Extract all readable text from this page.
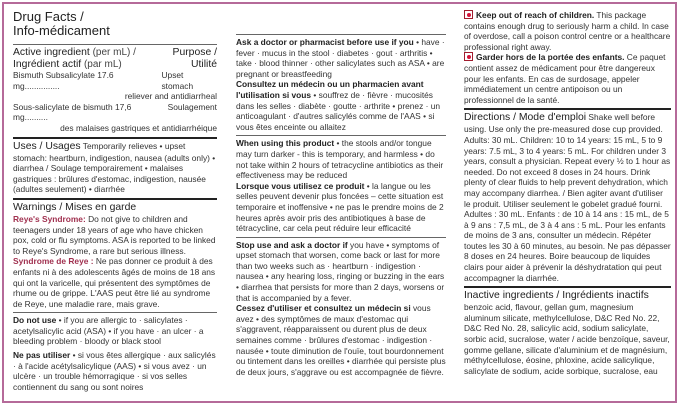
Drug Facts /
Info-médicament
Active ingredient (per mL) /	Purpose /
Ingrédient actif (par mL)	Utilité
Bismuth Subsalicylate 17.6 mg...............
Upset stomach
reliever and antidiarrheal
Sous-salicylate de bismuth 17,6 mg..........
Soulagement
des malaises gastriques et antidiarrhéique

Uses / Usages Temporarily relieves • upset stomach: heartburn, indigestion, nausea (adults only) • diarrhea / Soulage temporairement • malaises gastriques : brûlures d'estomac, indigestion, nausée (adultes seulement) • diarrhée

Warnings / Mises en garde

Reye's Syndrome: Do not give to children and teenagers under 18 years of age who have chicken pox, cold or flu symptoms. ASA is reported to be linked to Reye's Syndrome, a rare but serious illness.

Syndrome de Reye : Ne pas donner ce produit à des enfants ni à des adolescents âgés de moins de 18 ans qui ont la varicelle, qui présentent des symptômes de rhume ou de grippe. L'AAS peut être lié au syndrome de Reye, une maladie rare, mais grave.

Do not use • if you are allergic to · salicylates · acetylsalicylic acid (ASA) • if you have · an ulcer · a bleeding problem · bloody or black stool

Ne pas utiliser • si vous êtes allergique · aux salicylés · à l'acide acétylsalicylique (AAS) • si vous avez · un ulcère · un trouble hémorragique · si vos selles contiennent du sang ou sont noires

Ask a doctor or pharmacist before use if you • have · fever · mucus in the stool · diabetes · gout · arthritis • take · blood thinner · other salicylates such as ASA • are pregnant or breastfeeding

Consultez un médecin ou un pharmacien avant l'utilisation si vous • souffrez de · fièvre · mucosités dans les selles · diabète · goutte · arthrite • prenez · un anticoagulant · d'autres salicylés comme de l'AAS • si vous êtes enceinte ou allaitez

When using this product • the stools and/or tongue may turn darker - this is temporary, and harmless • do not take within 2 hours of tetracycline antibiotics as their effectiveness may be reduced

Lorsque vous utilisez ce produit • la langue ou les selles peuvent devenir plus foncées – cette situation est temporaire et inoffensive • ne pas le prendre moins de 2 heures après avoir pris des antibiotiques à base de tétracycline, car cela peut réduire leur efficacité

Stop use and ask a doctor if you have • symptoms of upset stomach that worsen, come back or last for more than two weeks such as · heartburn · indigestion · nausea • any hearing loss, ringing or buzzing in the ears • diarrhea that persists for more than 2 days, worsens or that is accompanied by a fever.

Cessez d'utiliser et consultez un médecin si vous avez • des symptômes de maux d'estomac qui s'aggravent, réapparaissent ou durent plus de deux semaines comme · brûlures d'estomac · indigestion · nausée • toute diminution de l'ouïe, tout bourdonnement ou tintement dans les oreilles • diarrhée qui persiste plus de deux jours, s'aggrave ou est accompagnée de fièvre.

Keep out of reach of children. This package contains enough drug to seriously harm a child. In case of overdose, call a poison control centre or a healthcare professional right away.

Garder hors de la portée des enfants. Ce paquet contient assez de médicament pour être dangereux pour les enfants. En cas de surdosage, appeler immédiatement un centre antipoison ou un professionnel de la santé.

Directions / Mode d'emploi Shake well before using. Use only the pre-measured dose cup provided. Adults: 30 mL. Children: 10 to 14 years: 15 mL, 5 to 9 years: 7.5 mL, 3 to 4 years: 5 mL. For children under 3 years, consult a physician. Repeat every ½ to 1 hour as needed. Do not exceed 8 doses in 24 hours. Drink plenty of clear fluids to help prevent dehydration, which may accompany diarrhea. / Bien agiter avant d'utiliser le produit. Utiliser seulement le gobelet gradué fourni. Adultes : 30 mL. Enfants : de 10 à 14 ans : 15 mL, de 5 à 9 ans : 7,5 mL, de 3 à 4 ans : 5 mL. Pour les enfants de moins de 3 ans, consulter un médecin. Répéter toutes les 30 à 60 minutes, au besoin. Ne pas dépasser 8 doses en 24 heures. Boire beaucoup de liquides clairs pour aider à prévenir la déshydratation qui peut accompagner la diarrhée.

Inactive ingredients / Ingrédients inactifs

benzoic acid, flavour, gellan gum, magnesium aluminum silicate, methylcellulose, D&C Red No. 22, D&C Red No. 28, salicylic acid, sodium salicylate, sorbic acid, sucralose, water / acide benzoïque, saveur, gomme gellane, silicate d'aluminium et de magnésium, méthylcellulose, éosine, phloxine, acide salicylique, salicylate de sodium, acide sorbique, sucralose, eau
